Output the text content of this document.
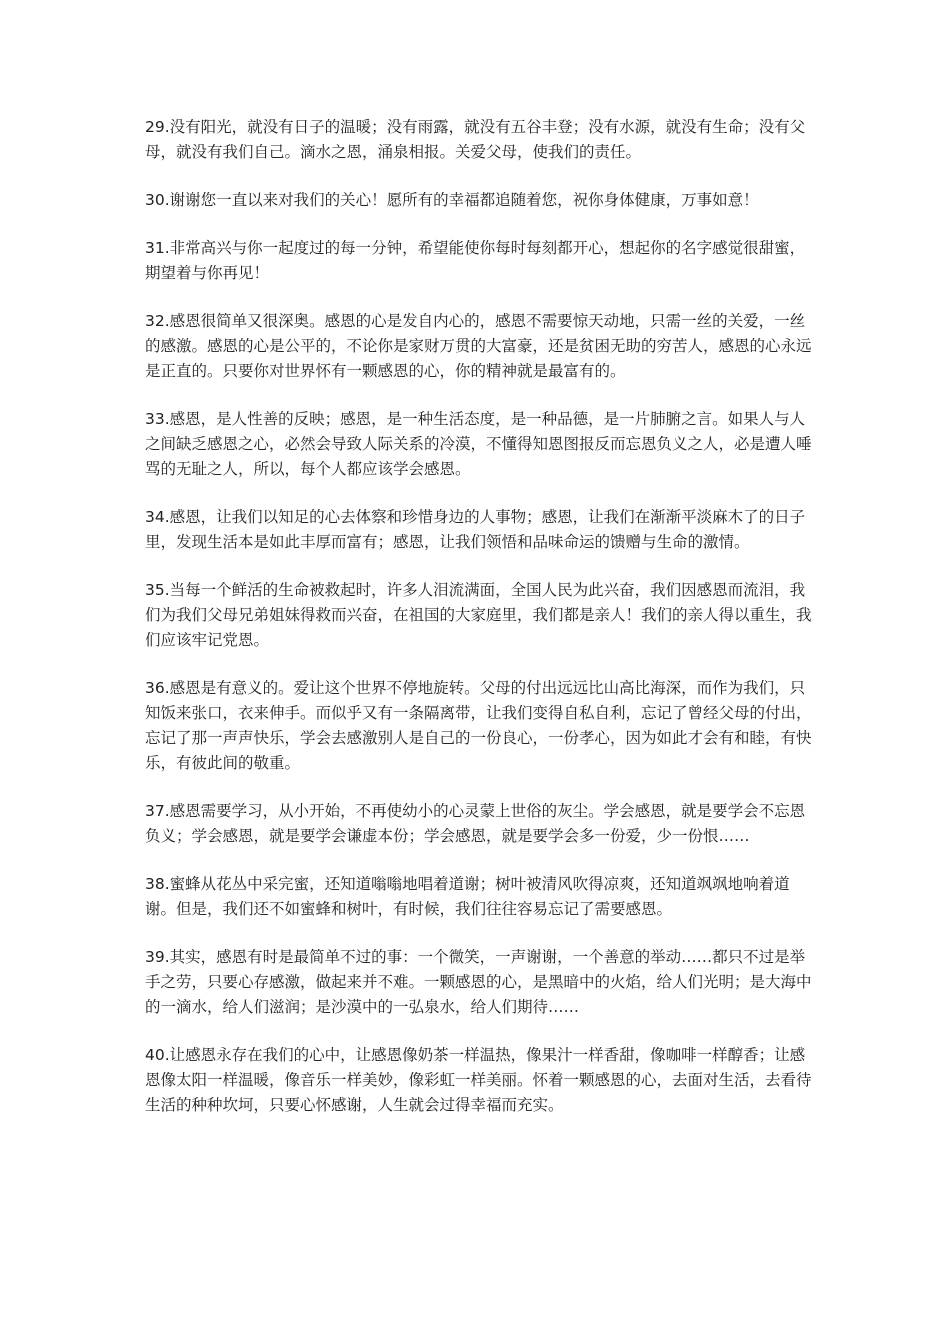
29.没有阳光，就没有日子的温暖；没有雨露，就没有五谷丰登；没有水源，就没有生命；没有父母，就没有我们自己。滴水之恩，涌泉相报。关爱父母，使我们的责任。

30.谢谢您一直以来对我们的关心！愿所有的幸福都追随着您，祝你身体健康，万事如意！

31.非常高兴与你一起度过的每一分钟，希望能使你每时每刻都开心，想起你的名字感觉很甜蜜，期望着与你再见！

32.感恩很简单又很深奥。感恩的心是发自内心的，感恩不需要惊天动地，只需一丝的关爱，一丝的感激。感恩的心是公平的，不论你是家财万贯的大富豪，还是贫困无助的穷苦人，感恩的心永远是正直的。只要你对世界怀有一颗感恩的心，你的精神就是最富有的。

33.感恩，是人性善的反映；感恩，是一种生活态度，是一种品德，是一片肺腑之言。如果人与人之间缺乏感恩之心，必然会导致人际关系的冷漠，不懂得知恩图报反而忘恩负义之人，必是遭人唾骂的无耻之人，所以，每个人都应该学会感恩。

34.感恩，让我们以知足的心去体察和珍惜身边的人事物；感恩，让我们在渐渐平淡麻木了的日子里，发现生活本是如此丰厚而富有；感恩，让我们领悟和品味命运的馈赠与生命的激情。

35.当每一个鲜活的生命被救起时，许多人泪流满面，全国人民为此兴奋，我们因感恩而流泪，我们为我们父母兄弟姐妹得救而兴奋，在祖国的大家庭里，我们都是亲人！我们的亲人得以重生，我们应该牢记党恩。

36.感恩是有意义的。爱让这个世界不停地旋转。父母的付出远远比山高比海深，而作为我们，只知饭来张口，衣来伸手。而似乎又有一条隔离带，让我们变得自私自利，忘记了曾经父母的付出，忘记了那一声声快乐，学会去感激别人是自己的一份良心，一份孝心，因为如此才会有和睦，有快乐，有彼此间的敬重。

37.感恩需要学习，从小开始，不再使幼小的心灵蒙上世俗的灰尘。学会感恩，就是要学会不忘恩负义；学会感恩，就是要学会谦虚本份；学会感恩，就是要学会多一份爱，少一份恨……

38.蜜蜂从花丛中采完蜜，还知道嗡嗡地唱着道谢；树叶被清风吹得凉爽，还知道飒飒地响着道谢。但是，我们还不如蜜蜂和树叶，有时候，我们往往容易忘记了需要感恩。

39.其实，感恩有时是最简单不过的事：一个微笑，一声谢谢，一个善意的举动……都只不过是举手之劳，只要心存感激，做起来并不难。一颗感恩的心，是黑暗中的火焰，给人们光明；是大海中的一滴水，给人们滋润；是沙漠中的一弘泉水，给人们期待……

40.让感恩永存在我们的心中，让感恩像奶茶一样温热，像果汁一样香甜，像咖啡一样醇香；让感恩像太阳一样温暖，像音乐一样美妙，像彩虹一样美丽。怀着一颗感恩的心，去面对生活，去看待生活的种种坎坷，只要心怀感谢，人生就会过得幸福而充实。
